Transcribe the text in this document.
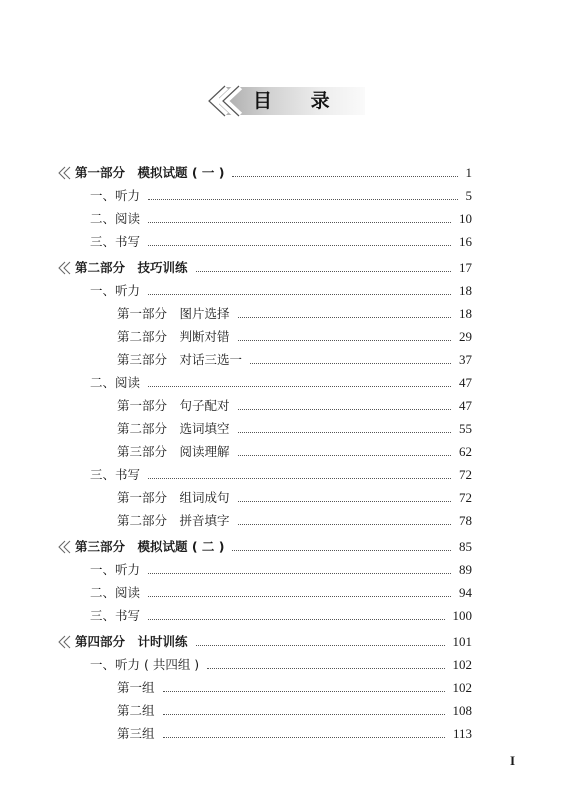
目 录
第一部分　模拟试题 ( 一 )	1
一、听力	5
二、阅读	10
三、书写	16
第二部分　技巧训练	17
一、听力	18
第一部分　图片选择	18
第二部分　判断对错	29
第三部分　对话三选一	37
二、阅读	47
第一部分　句子配对	47
第二部分　选词填空	55
第三部分　阅读理解	62
三、书写	72
第一部分　组词成句	72
第二部分　拼音填字	78
第三部分　模拟试题 ( 二 )	85
一、听力	89
二、阅读	94
三、书写	100
第四部分　计时训练	101
一、听力 ( 共四组 )	102
第一组	102
第二组	108
第三组	113
I
